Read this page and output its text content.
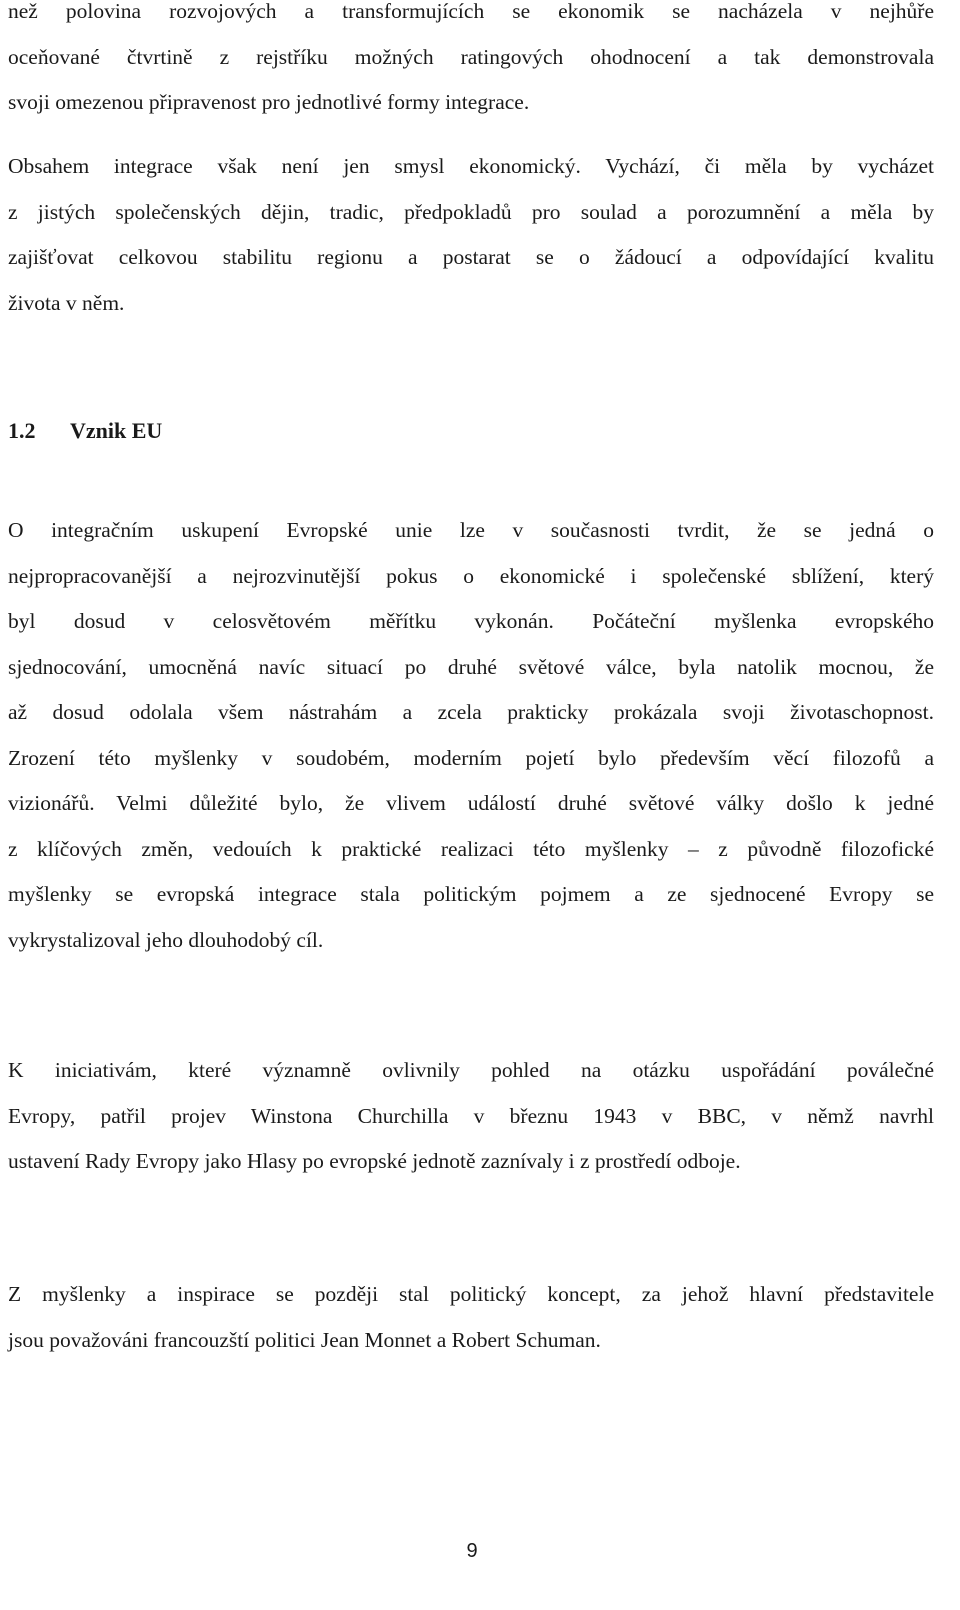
než polovina rozvojových a transformujících se ekonomik se nacházela v nejhůře
oceňované čtvrtině z rejstříku možných ratingových ohodnocení a tak demonstrovala
svoji omezenou připravenost pro jednotlivé formy integrace.
Obsahem integrace však není jen smysl ekonomický. Vychází, či měla by vycházet
z jistých společenských dějin, tradic, předpokladů pro soulad a porozumnění a měla by
zajišťovat celkovou stabilitu regionu a postarat se o žádoucí a odpovídající kvalitu
života v něm.
1.2 Vznik EU
O integračním uskupení Evropské unie lze v současnosti tvrdit, že se jedná o
nejpropracovanější a nejrozvinutější pokus o ekonomické i společenské sblížení, který
byl dosud v celosvětovém měřítku vykonán. Počáteční myšlenka evropského
sjednocování, umocněná navíc situací po druhé světové válce, byla natolik mocnou, že
až dosud odolala všem nástrahám a zcela prakticky prokázala svoji životaschopnost.
Zrození této myšlenky v soudobém, moderním pojetí bylo především věcí filozofů a
vizionářů. Velmi důležité bylo, že vlivem událostí druhé světové války došlo k jedné
z klíčových změn, vedouích k praktické realizaci této myšlenky – z původně filozofické
myšlenky se evropská integrace stala politickým pojmem a ze sjednocené Evropy se
vykrystalizoval jeho dlouhodobý cíl.
K iniciativám, které významně ovlivnily pohled na otázku uspořádání poválečné
Evropy, patřil projev Winstona Churchilla v březnu 1943 v BBC, v němž navrhl
ustavení Rady Evropy jako Hlasy po evropské jednotě zaznívaly i z prostředí odboje.
Z myšlenky a inspirace se později stal politický koncept, za jehož hlavní představitele
jsou považováni francouzští politici Jean Monnet a Robert Schuman.
9
